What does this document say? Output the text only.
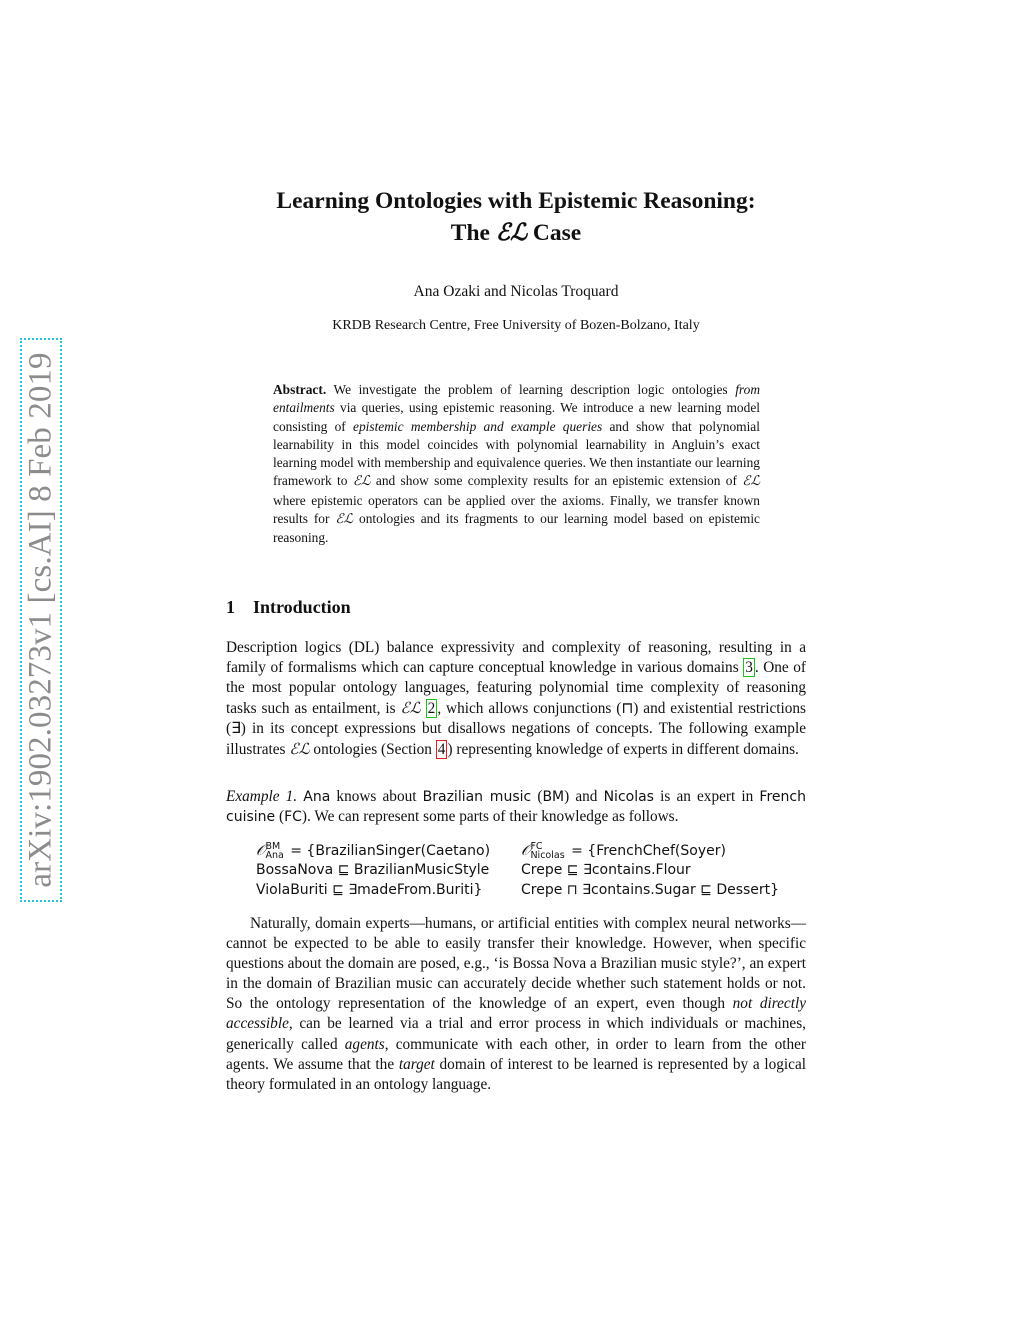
arXiv:1902.03273v1 [cs.AI] 8 Feb 2019
Learning Ontologies with Epistemic Reasoning:
The ℰℒ Case
Ana Ozaki and Nicolas Troquard
KRDB Research Centre, Free University of Bozen-Bolzano, Italy
Abstract. We investigate the problem of learning description logic ontologies from entailments via queries, using epistemic reasoning. We introduce a new learning model consisting of epistemic membership and example queries and show that polynomial learnability in this model coincides with polynomial learnability in Angluin’s exact learning model with membership and equivalence queries. We then instantiate our learning framework to ℰℒ and show some complexity results for an epistemic extension of ℰℒ where epistemic operators can be applied over the axioms. Finally, we transfer known results for ℰℒ ontologies and its fragments to our learning model based on epistemic reasoning.
1 Introduction
Description logics (DL) balance expressivity and complexity of reasoning, resulting in a family of formalisms which can capture conceptual knowledge in various domains 3 . One of the most popular ontology languages, featuring polynomial time complexity of reasoning tasks such as entailment, is ℰℒ 2 , which allows conjunctions (⊓) and existential restrictions (∃) in its concept expressions but disallows negations of concepts. The following example illustrates ℰℒ ontologies (Section 4 ) representing knowledge of experts in different domains.
Example 1. Ana knows about Brazilian music (BM) and Nicolas is an expert in French cuisine (FC). We can represent some parts of their knowledge as follows.
𝒪 BM
Ana = {BrazilianSinger(Caetano)
BossaNova ⊑ BrazilianMusicStyle
ViolaBuriti ⊑ ∃madeFrom.Buriti}
𝒪 FC
Nicolas = {FrenchChef(Soyer)
Crepe ⊑ ∃contains.Flour
Crepe ⊓ ∃contains.Sugar ⊑ Dessert}
Naturally, domain experts—humans, or artificial entities with complex neural networks—cannot be expected to be able to easily transfer their knowledge. However, when specific questions about the domain are posed, e.g., ‘is Bossa Nova a Brazilian music style?’, an expert in the domain of Brazilian music can accurately decide whether such statement holds or not. So the ontology representation of the knowledge of an expert, even though not directly accessible, can be learned via a trial and error process in which individuals or machines, generically called agents, communicate with each other, in order to learn from the other agents. We assume that the target domain of interest to be learned is represented by a logical theory formulated in an ontology language.
